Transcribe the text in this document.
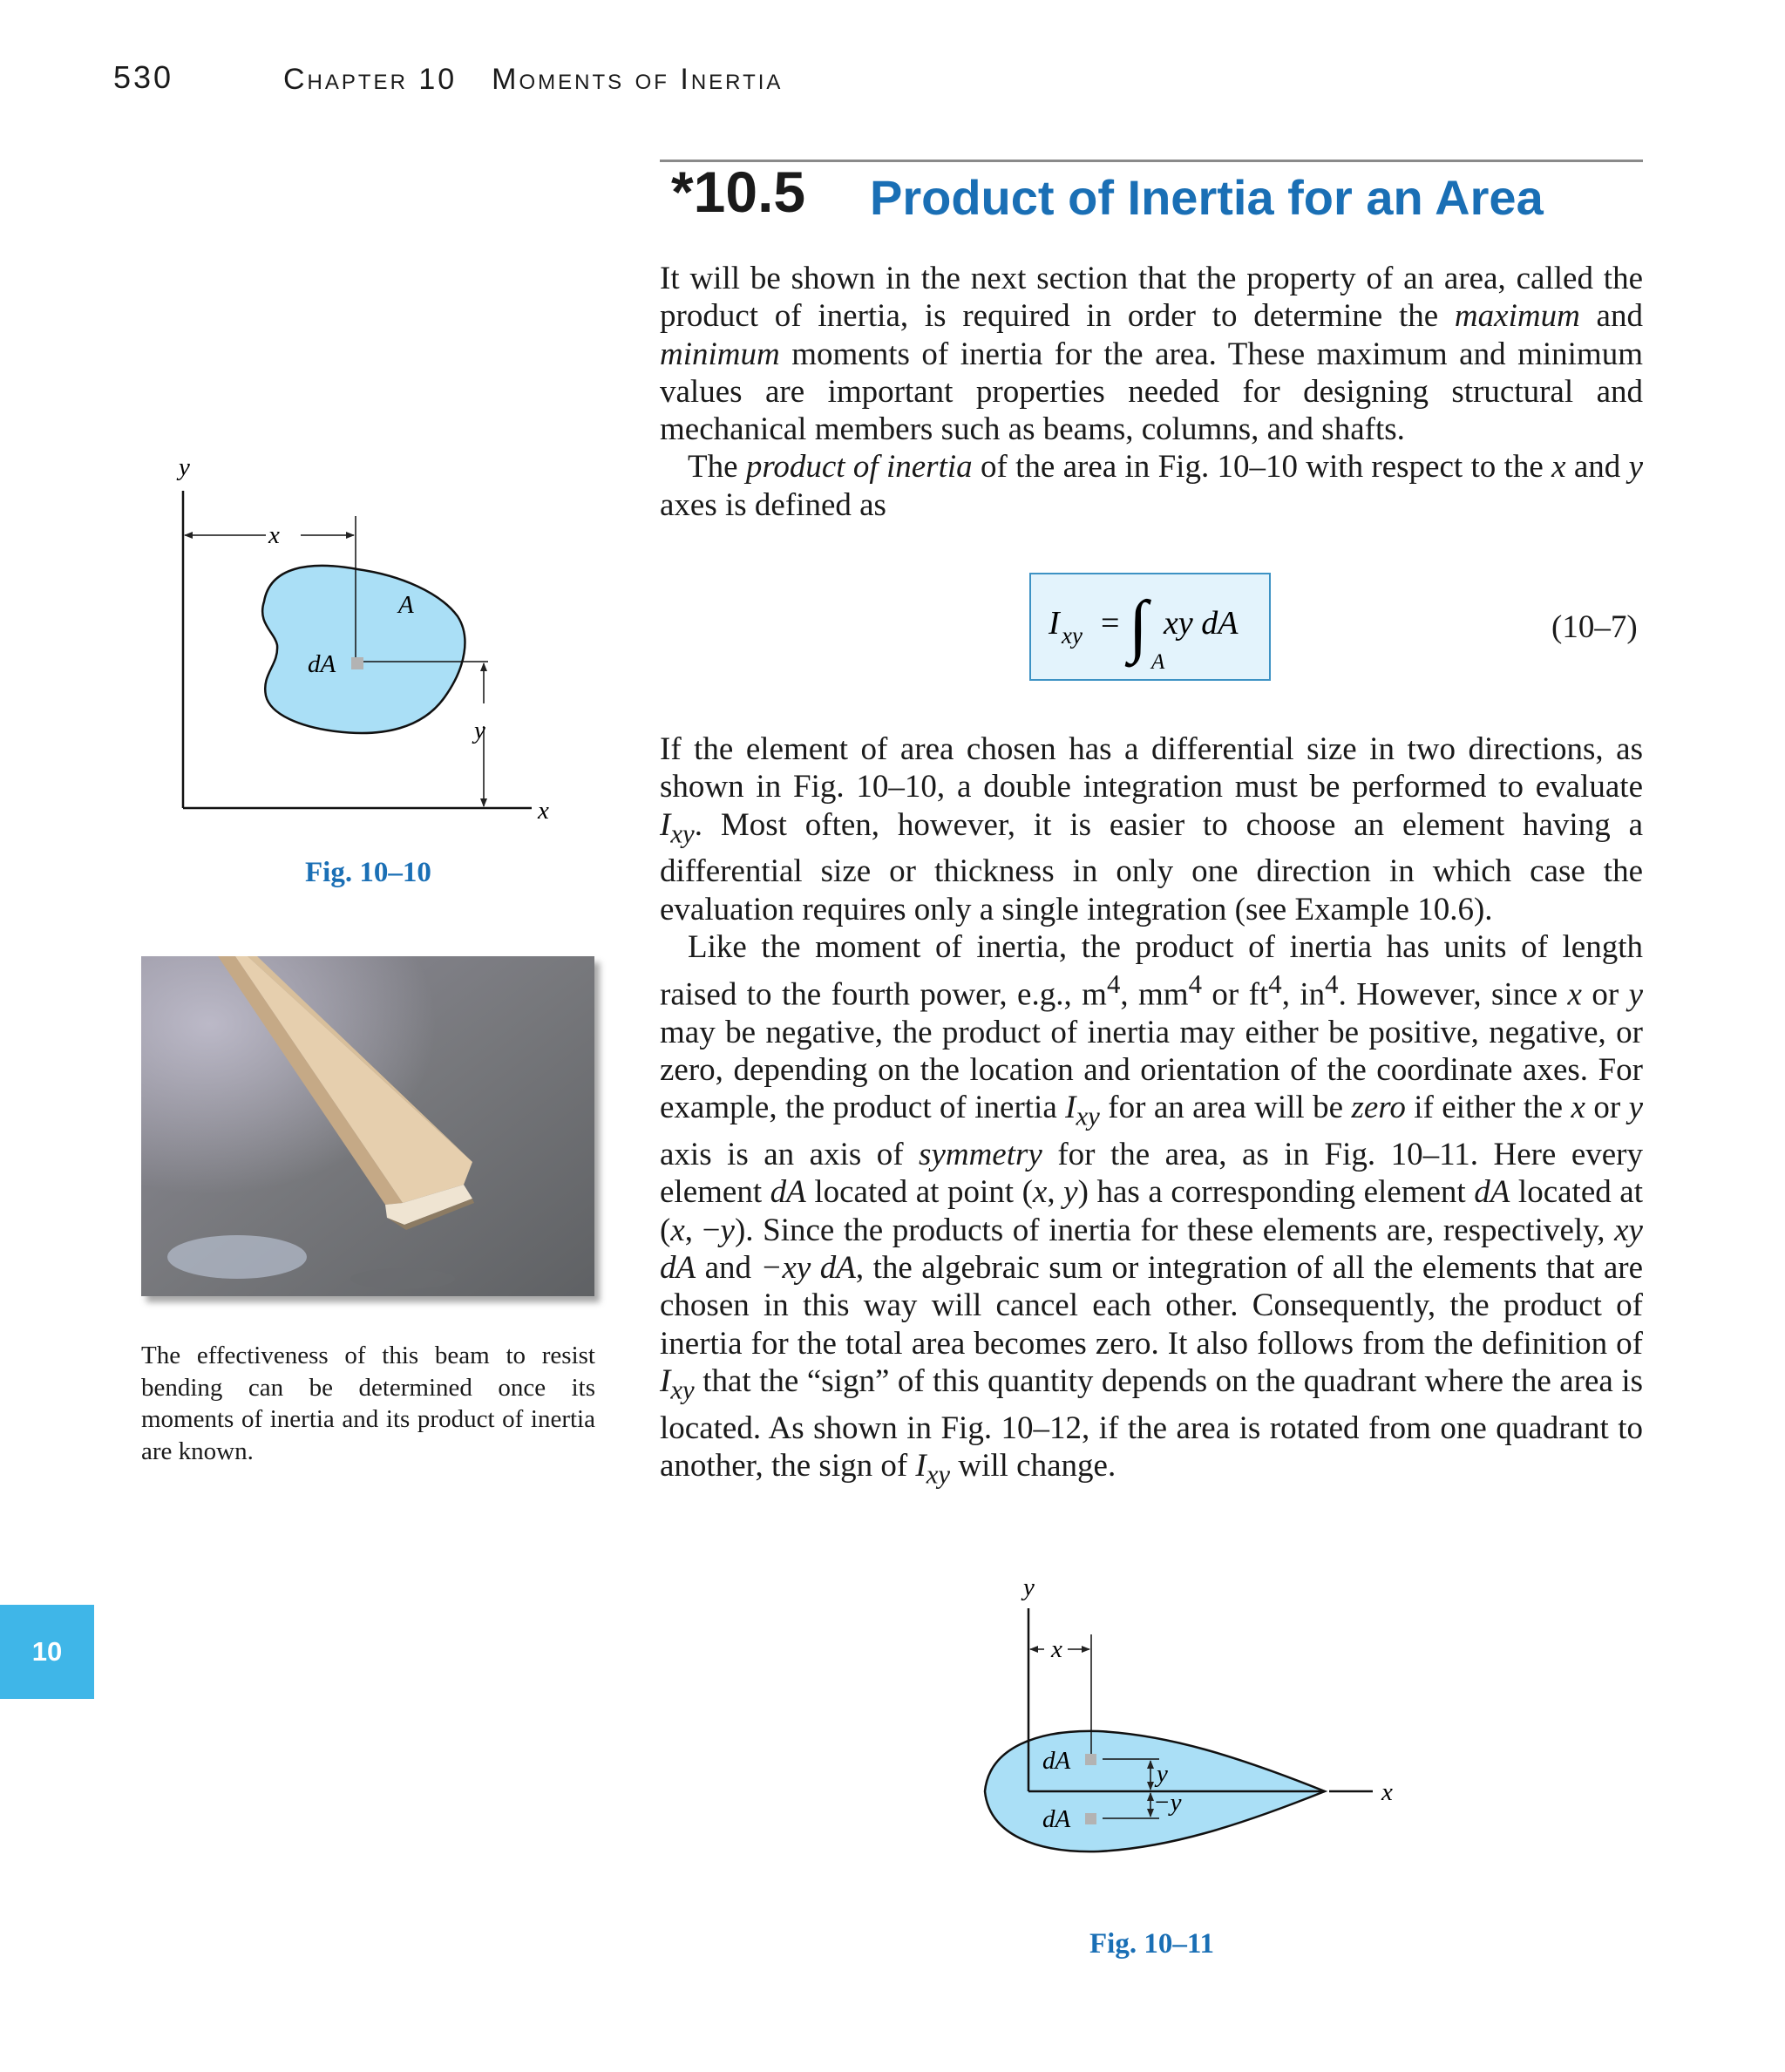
530	Chapter 10 Moments of Inertia
*10.5 Product of Inertia for an Area

It will be shown in the next section that the property of an area, called the product of inertia, is required in order to determine the maximum and minimum moments of inertia for the area. These maximum and minimum values are important properties needed for designing structural and mechanical members such as beams, columns, and shafts.

The product of inertia of the area in Fig. 10–10 with respect to the x and y axes is defined as

I xy = ∫ A
xy dA	(10–7)

If the element of area chosen has a differential size in two directions, as shown in Fig. 10–10, a double integration must be performed to evaluate $I_{xy}$. Most often, however, it is easier to choose an element having a differential size or thickness in only one direction in which case the evaluation requires only a single integration (see Example 10.6).

Like the moment of inertia, the product of inertia has units of length raised to the fourth power, e.g., $m^4$, $mm^4$ or $ft^4$, $in^4$. However, since x or y may be negative, the product of inertia may either be positive, negative, or zero, depending on the location and orientation of the coordinate axes. For example, the product of inertia $I_{xy}$ for an area will be zero if either the x or y axis is an axis of symmetry for the area, as in Fig. 10–11. Here every element dA located at point (x, y) has a corresponding element dA located at (x, −y). Since the products of inertia for these elements are, respectively, xy dA and −xy dA, the algebraic sum or integration of all the elements that are chosen in this way will cancel each other. Consequently, the product of inertia for the total area becomes zero. It also follows from the definition of $I_{xy}$ that the “sign” of this quantity depends on the quadrant where the area is located. As shown in Fig. 10–12, if the area is rotated from one quadrant to another, the sign of $I_{xy}$ will change.

y
x
x
y
A
dA
Fig. 10–10
The effectiveness of this beam to resist bending can be determined once its moments of inertia and its product of inertia are known.
10
y
x
x
dA
dA
y
−y
Fig. 10–11
